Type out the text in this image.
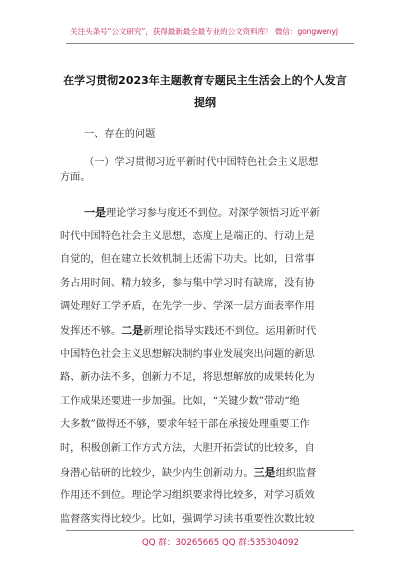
关注头条号“公文研究”，获得最新最全最专业的公文资料库！ 微信：gongwenyj
在学习贯彻2023年主题教育专题民主生活会上的个人发言
提纲
一、存在的问题
（一）学习贯彻习近平新时代中国特色社会主义思想
方面。
一是理论学习参与度还不到位。对深学领悟习近平新
时代中国特色社会主义思想，态度上是端正的、行动上是
自觉的，但在建立长效机制上还需下功夫。比如，日常事
务占用时间、精力较多，参与集中学习时有缺席，没有协
调处理好工学矛盾，在先学一步、学深一层方面表率作用
发挥还不够。二是新理论指导实践还不到位。运用新时代
中国特色社会主义思想解决制约事业发展突出问题的新思
路、新办法不多，创新力不足，将思想解放的成果转化为
工作成果还要进一步加强。比如，“关键少数”带动“绝
大多数”做得还不够，要求年轻干部在承接处理重要工作
时，积极创新工作方式方法，大胆开拓尝试的比较多，自
身潜心钻研的比较少，缺少内生创新动力。三是组织监督
作用还不到位。理论学习组织要求得比较多，对学习质效
监督落实得比较少。比如，强调学习读书重要性次数比较
QQ 群：30265665 QQ 群:535304092
